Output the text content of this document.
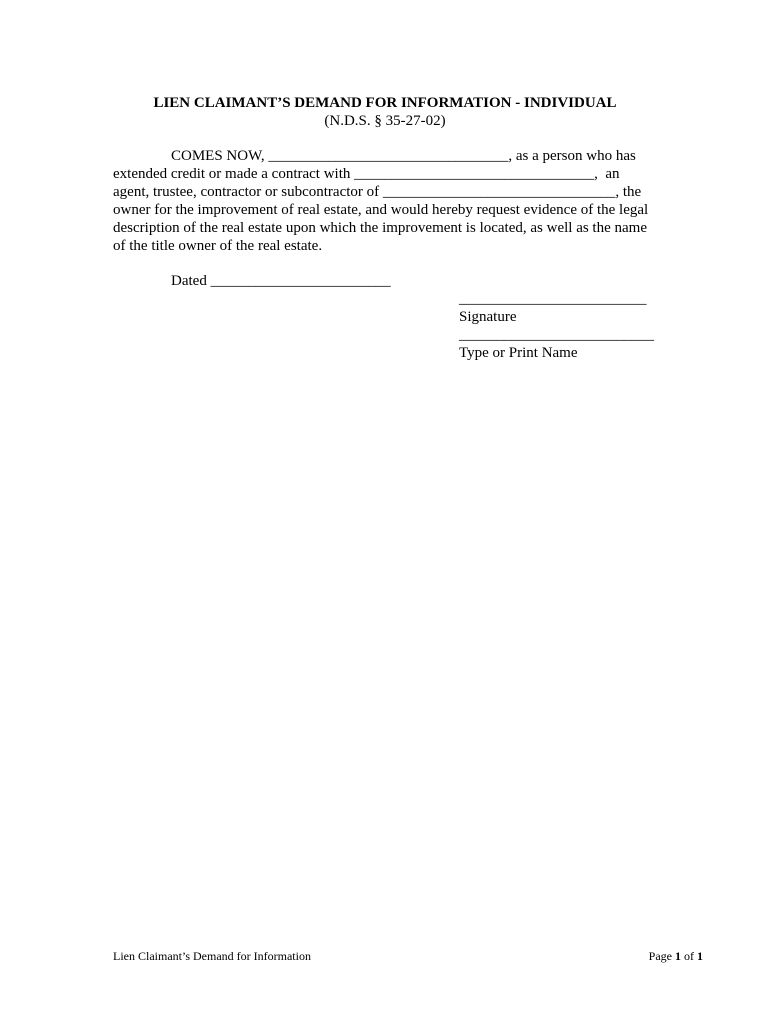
LIEN CLAIMANT’S DEMAND FOR INFORMATION - INDIVIDUAL
(N.D.S. § 35-27-02)
COMES NOW, ________________________________, as a person who has
extended credit or made a contract with ________________________________,  an
agent, trustee, contractor or subcontractor of _______________________________, the
owner for the improvement of real estate, and would hereby request evidence of the legal
description of the real estate upon which the improvement is located, as well as the name
of the title owner of the real estate.
Dated ________________________
_________________________
Signature
__________________________
Type or Print Name
Lien Claimant’s Demand for Information	Page 1 of 1
